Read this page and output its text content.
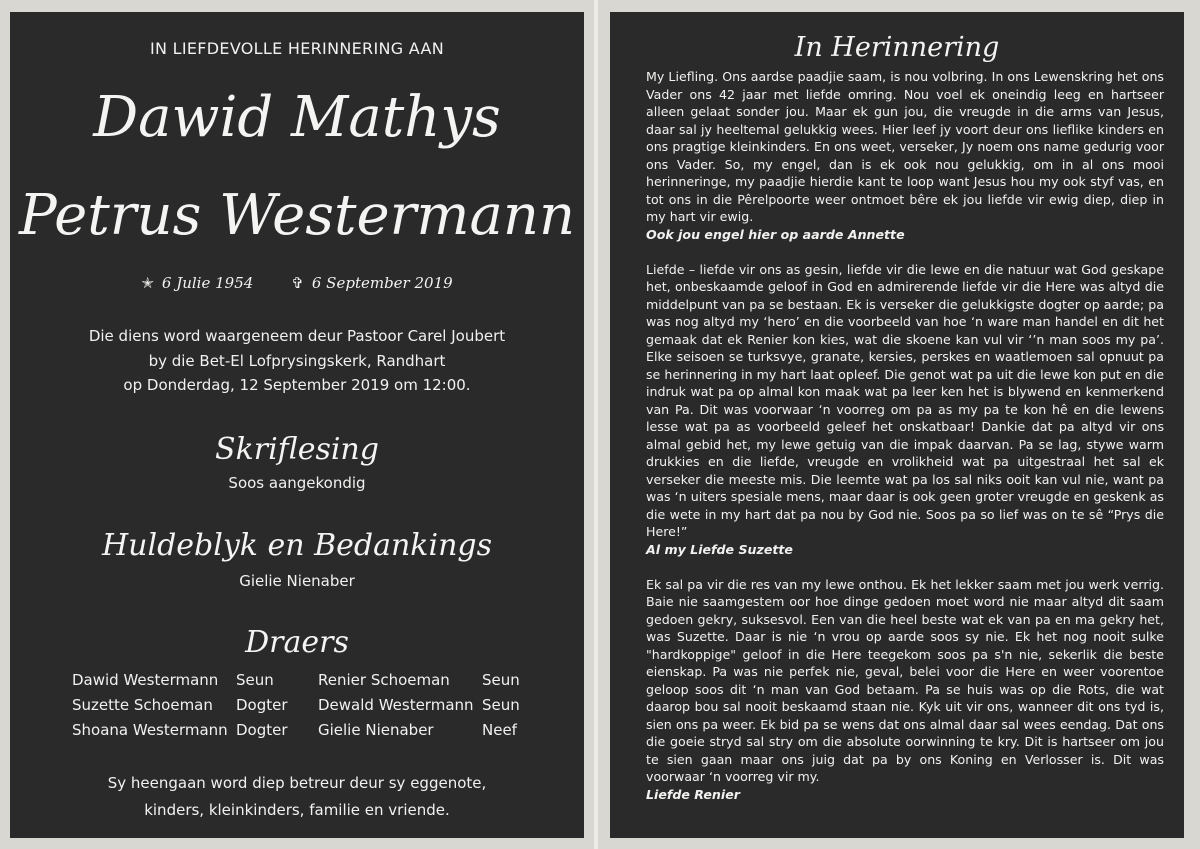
IN LIEFDEVOLLE HERINNERING AAN
Dawid Mathys
Petrus Westermann
✭ 6 Julie 1954	✞ 6 September 2019
Die diens word waargeneem deur Pastoor Carel Joubert
by die Bet-El Lofprysingskerk, Randhart
op Donderdag, 12 September 2019 om 12:00.
Skriflesing
Soos aangekondig
Huldeblyk en Bedankings
Gielie Nienaber
Draers
Dawid Westermann	Seun	Renier Schoeman	Seun
Suzette Schoeman	Dogter	Dewald Westermann Seun
Shoana Westermann Dogter	Gielie Nienaber	Neef
Sy heengaan word diep betreur deur sy eggenote,
kinders, kleinkinders, familie en vriende.
In Herinnering

My Liefling. Ons aardse paadjie saam, is nou volbring. In ons Lewenskring het ons Vader ons 42 jaar met liefde omring. Nou voel ek oneindig leeg en hartseer alleen gelaat sonder jou. Maar ek gun jou, die vreugde in die arms van Jesus, daar sal jy heeltemal gelukkig wees. Hier leef jy voort deur ons lieflike kinders en ons pragtige kleinkinders. En ons weet, verseker, Jy noem ons name gedurig voor ons Vader. So, my engel, dan is ek ook nou gelukkig, om in al ons mooi herinneringe, my paadjie hierdie kant te loop want Jesus hou my ook styf vas, en tot ons in die Pêrelpoorte weer ontmoet bêre ek jou liefde vir ewig diep, diep in my hart vir ewig.

Ook jou engel hier op aarde Annette

Liefde – liefde vir ons as gesin, liefde vir die lewe en die natuur wat God geskape het, onbeskaamde geloof in God en admirerende liefde vir die Here was altyd die middelpunt van pa se bestaan. Ek is verseker die gelukkigste dogter op aarde; pa was nog altyd my ‘hero’ en die voorbeeld van hoe ‘n ware man handel en dit het gemaak dat ek Renier kon kies, wat die skoene kan vul vir ‘’n man soos my pa’. Elke seisoen se turksvye, granate, kersies, perskes en waatlemoen sal opnuut pa se herinnering in my hart laat opleef. Die genot wat pa uit die lewe kon put en die indruk wat pa op almal kon maak wat pa leer ken het is blywend en kenmerkend van Pa. Dit was voorwaar ‘n voorreg om pa as my pa te kon hê en die lewens lesse wat pa as voorbeeld geleef het onskatbaar! Dankie dat pa altyd vir ons almal gebid het, my lewe getuig van die impak daarvan. Pa se lag, stywe warm drukkies en die liefde, vreugde en vrolikheid wat pa uitgestraal het sal ek verseker die meeste mis. Die leemte wat pa los sal niks ooit kan vul nie, want pa was ‘n uiters spesiale mens, maar daar is ook geen groter vreugde en geskenk as die wete in my hart dat pa nou by God nie. Soos pa so lief was on te sê “Prys die Here!”

Al my Liefde Suzette

Ek sal pa vir die res van my lewe onthou. Ek het lekker saam met jou werk verrig. Baie nie saamgestem oor hoe dinge gedoen moet word nie maar altyd dit saam gedoen gekry, suksesvol. Een van die heel beste wat ek van pa en ma gekry het, was Suzette. Daar is nie ‘n vrou op aarde soos sy nie. Ek het nog nooit sulke "hardkoppige" geloof in die Here teegekom soos pa s'n nie, sekerlik die beste eienskap. Pa was nie perfek nie, geval, belei voor die Here en weer voorentoe geloop soos dit ‘n man van God betaam. Pa se huis was op die Rots, die wat daarop bou sal nooit beskaamd staan nie. Kyk uit vir ons, wanneer dit ons tyd is, sien ons pa weer. Ek bid pa se wens dat ons almal daar sal wees eendag. Dat ons die goeie stryd sal stry om die absolute oorwinning te kry. Dit is hartseer om jou te sien gaan maar ons juig dat pa by ons Koning en Verlosser is. Dit was voorwaar ‘n voorreg vir my.

Liefde Renier
